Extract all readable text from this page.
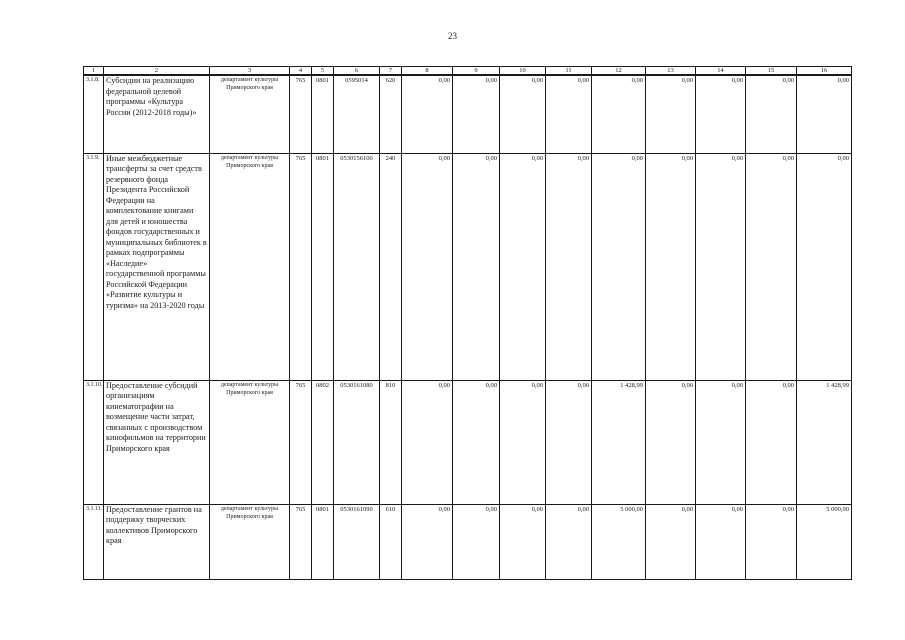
23
1	2	3	4	5	6	7	8	9	10	11	12	13	14	15	16
3.1.8.	Субсидии на реализацию федеральной целевой программы «Культура России (2012-2018 годы)»	департамент культуры Приморского края	765	0801	0595014	620	0,00	0,00	0,00	0,00	0,00	0,00	0,00	0,00	0,00
3.1.9.	Иные межбюджетные трансферты за счет средств резервного фонда Президента Российской Федерации на комплектование книгами для детей и юношества фондов государственных и муниципальных библиотек в рамках подпрограммы «Наследие» государственной программы Российской Федерации «Развитие культуры и туризма» на 2013-2020 годы	департамент культуры Приморского края	765	0801	0530156100	240	0,00	0,00	0,00	0,00	0,00	0,00	0,00	0,00	0,00
3.1.10.	Предоставление субсидий организациям кинематографии на возмещение части затрат, связанных с производством кинофильмов на территории Приморского края	департамент культуры Приморского края	765	0802	0530161080	810	0,00	0,00	0,00	0,00	1 428,99	0,00	0,00	0,00	1 428,99
3.1.11.	Предоставление грантов на поддержку творческих коллективов Приморского края	департамент культуры Приморского края	765	0801	0530161090	610	0,00	0,00	0,00	0,00	5 000,00	0,00	0,00	0,00	5 000,00
